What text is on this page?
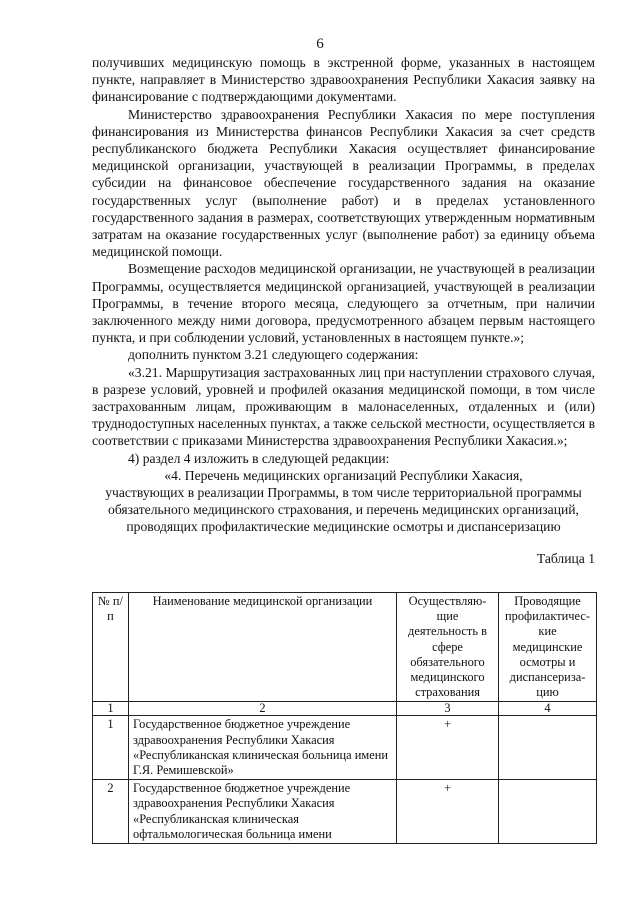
6

получивших медицинскую помощь в экстренной форме, указанных в настоящем пункте, направляет в Министерство здравоохранения Республики Хакасия заявку на финансирование с подтверждающими документами.

Министерство здравоохранения Республики Хакасия по мере поступления финансирования из Министерства финансов Республики Хакасия за счет средств республиканского бюджета Республики Хакасия осуществляет финансирование медицинской организации, участвующей в реализации Программы, в пределах субсидии на финансовое обеспечение государственного задания на оказание государственных услуг (выполнение работ) и в пределах установленного государственного задания в размерах, соответствующих утвержденным нормативным затратам на оказание государственных услуг (выполнение работ) за единицу объема медицинской помощи.

Возмещение расходов медицинской организации, не участвующей в реализации Программы, осуществляется медицинской организацией, участвующей в реализации Программы, в течение второго месяца, следующего за отчетным, при наличии заключенного между ними договора, предусмотренного абзацем первым настоящего пункта, и при соблюдении условий, установленных в настоящем пункте.»;

дополнить пунктом 3.21 следующего содержания:

«3.21. Маршрутизация застрахованных лиц при наступлении страхового случая, в разрезе условий, уровней и профилей оказания медицинской помощи, в том числе застрахованным лицам, проживающим в малонаселенных, отдаленных и (или) труднодоступных населенных пунктах, а также сельской местности, осуществляется в соответствии с приказами Министерства здравоохранения Республики Хакасия.»;

4) раздел 4 изложить в следующей редакции:

«4. Перечень медицинских организаций Республики Хакасия,

участвующих в реализации Программы, в том числе территориальной программы

обязательного медицинского страхования, и перечень медицинских организаций,

проводящих профилактические медицинские осмотры и диспансеризацию

Таблица 1

№ п/п	Наименование медицинской организации	Осуществляю-щие деятельность в сфере обязательного медицинского страхования	Проводящие профилактичес-кие медицинские осмотры и диспансериза-цию
1	2	3	4
1	Государственное бюджетное учреждение здравоохранения Республики Хакасия «Республиканская клиническая больница имени Г.Я. Ремишевской»	+	
2	Государственное бюджетное учреждение здравоохранения Республики Хакасия «Республиканская клиническая офтальмологическая больница имени	+	
